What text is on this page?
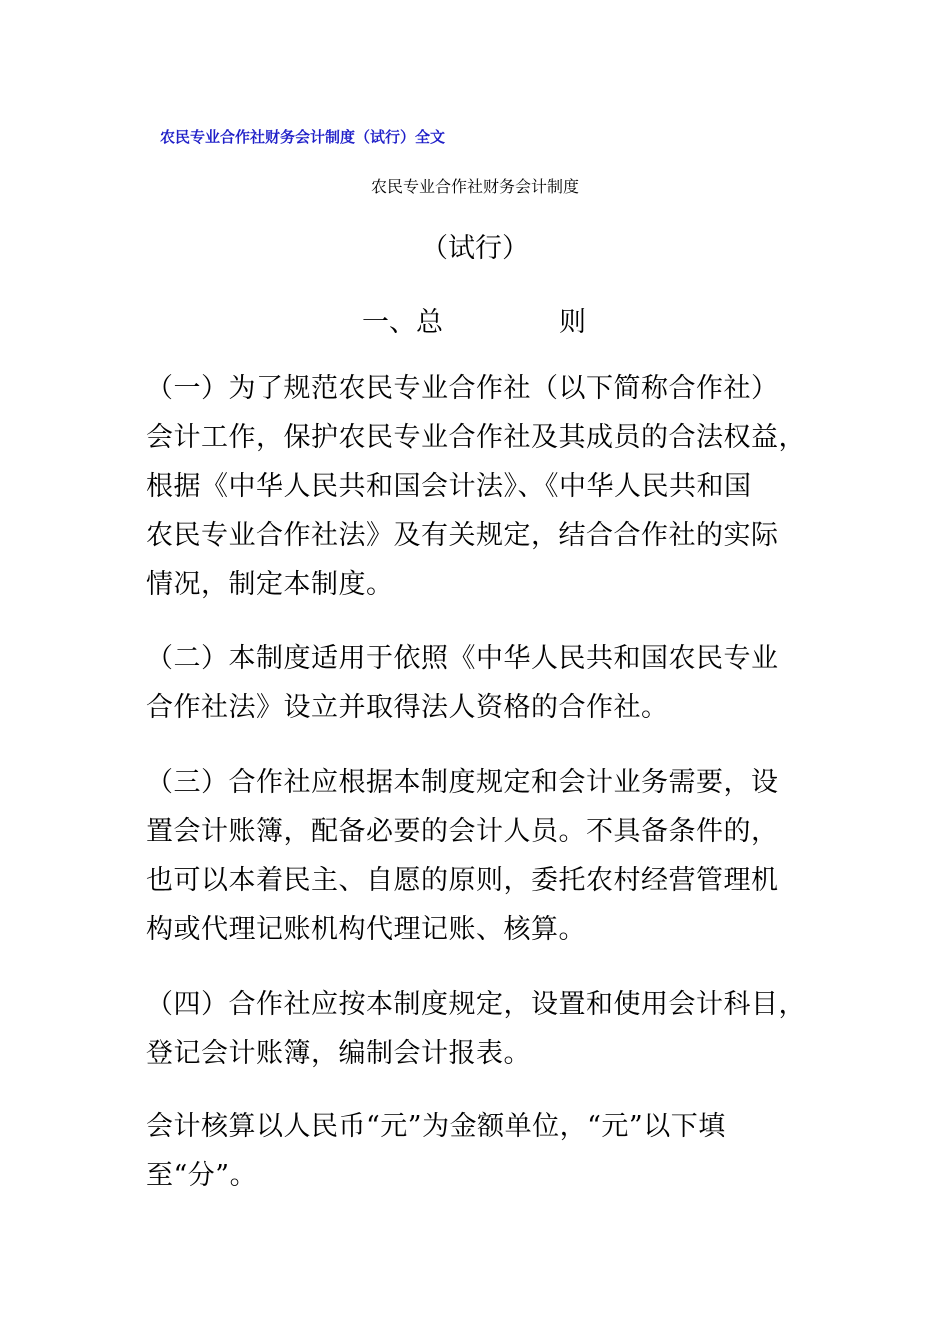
农民专业合作社财务会计制度（试行）全文
农民专业合作社财务会计制度
（试行）
一、总	则

（一）为了规范农民专业合作社（以下简称合作社）
会计工作，保护农民专业合作社及其成员的合法权益，
根据《中华人民共和国会计法》、《中华人民共和国
农民专业合作社法》及有关规定，结合合作社的实际
情况，制定本制度。

（二）本制度适用于依照《中华人民共和国农民专业
合作社法》设立并取得法人资格的合作社。

（三）合作社应根据本制度规定和会计业务需要，设
置会计账簿，配备必要的会计人员。不具备条件的，
也可以本着民主、自愿的原则，委托农村经营管理机
构或代理记账机构代理记账、核算。

（四）合作社应按本制度规定，设置和使用会计科目，
登记会计账簿，编制会计报表。

会计核算以人民币“元”为金额单位，“元”以下填
至“分”。
